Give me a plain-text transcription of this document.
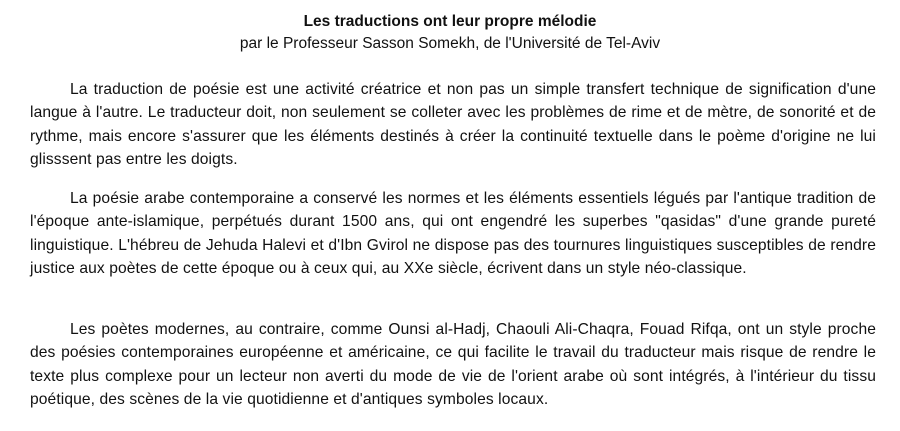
Les traductions ont leur propre mélodie
par le Professeur Sasson Somekh, de l'Université de Tel-Aviv

La traduction de poésie est une activité créatrice et non pas un simple transfert technique de signification d'une langue à l'autre. Le traducteur doit, non seulement se colleter avec les problèmes de rime et de mètre, de sonorité et de rythme, mais encore s'assurer que les éléments destinés à créer la continuité textuelle dans le poème d'origine ne lui glisssent pas entre les doigts.

La poésie arabe contemporaine a conservé les normes et les éléments essentiels légués par l'antique tradition de l'époque ante-islamique, perpétués durant 1500 ans, qui ont engendré les superbes "qasidas" d'une grande pureté linguistique. L'hébreu de Jehuda Halevi et d'Ibn Gvirol ne dispose pas des tournures linguistiques susceptibles de rendre justice aux poètes de cette époque ou à ceux qui, au XXe siècle, écrivent dans un style néo-classique.

Les poètes modernes, au contraire, comme Ounsi al-Hadj, Chaouli Ali-Chaqra, Fouad Rifqa, ont un style proche des poésies contemporaines européenne et américaine, ce qui facilite le travail du traducteur mais risque de rendre le texte plus complexe pour un lecteur non averti du mode de vie de l'orient arabe où sont intégrés, à l'intérieur du tissu poétique, des scènes de la vie quotidienne et d'antiques symboles locaux.
